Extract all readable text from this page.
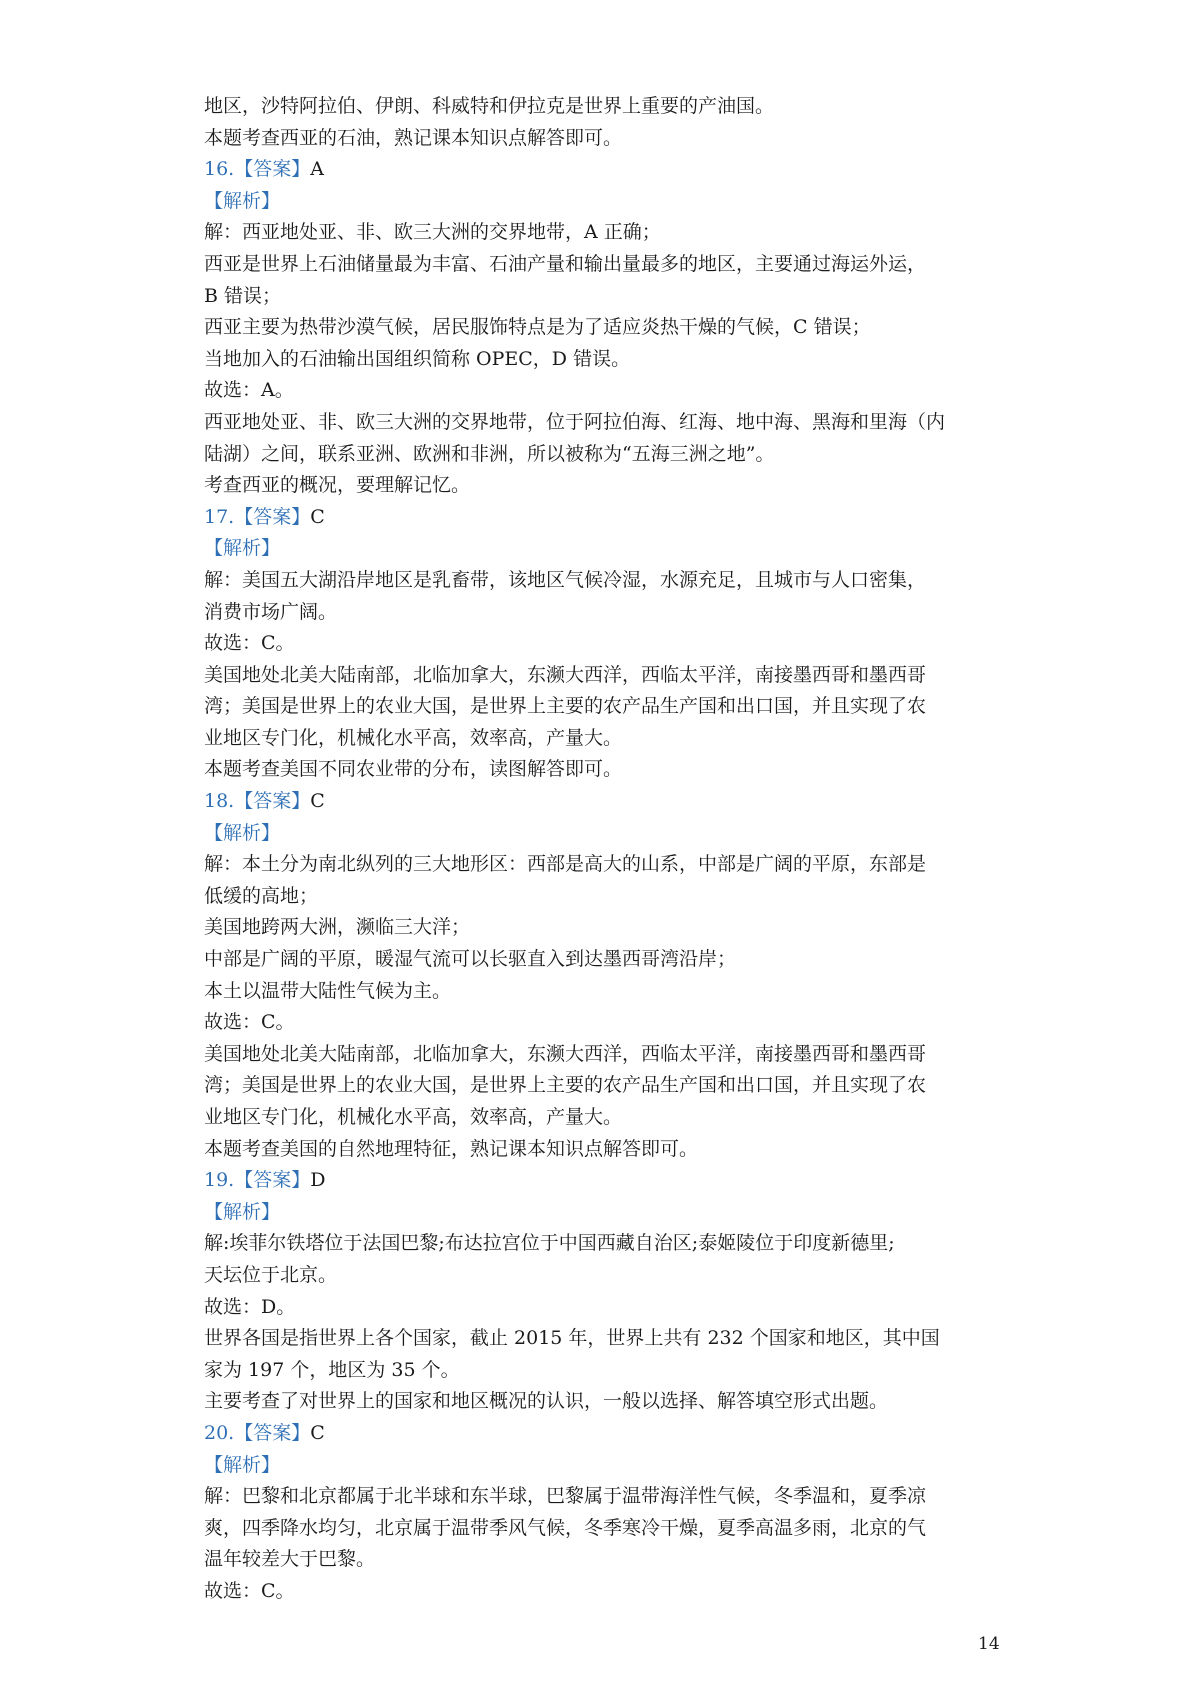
地区，沙特阿拉伯、伊朗、科威特和伊拉克是世界上重要的产油国。
本题考查西亚的石油，熟记课本知识点解答即可。
16.【答案】A
【解析】
解：西亚地处亚、非、欧三大洲的交界地带，A 正确；
西亚是世界上石油储量最为丰富、石油产量和输出量最多的地区，主要通过海运外运，
B 错误；
西亚主要为热带沙漠气候，居民服饰特点是为了适应炎热干燥的气候，C 错误；
当地加入的石油输出国组织简称 OPEC，D 错误。
故选：A。
西亚地处亚、非、欧三大洲的交界地带，位于阿拉伯海、红海、地中海、黑海和里海（内
陆湖）之间，联系亚洲、欧洲和非洲，所以被称为“五海三洲之地”。
考查西亚的概况，要理解记忆。
17.【答案】C
【解析】
解：美国五大湖沿岸地区是乳畜带，该地区气候冷湿，水源充足，且城市与人口密集，
消费市场广阔。
故选：C。
美国地处北美大陆南部，北临加拿大，东濒大西洋，西临太平洋，南接墨西哥和墨西哥
湾；美国是世界上的农业大国，是世界上主要的农产品生产国和出口国，并且实现了农
业地区专门化，机械化水平高，效率高，产量大。
本题考查美国不同农业带的分布，读图解答即可。
18.【答案】C
【解析】
解：本土分为南北纵列的三大地形区：西部是高大的山系，中部是广阔的平原，东部是
低缓的高地；
美国地跨两大洲，濒临三大洋；
中部是广阔的平原，暖湿气流可以长驱直入到达墨西哥湾沿岸；
本土以温带大陆性气候为主。
故选：C。
美国地处北美大陆南部，北临加拿大，东濒大西洋，西临太平洋，南接墨西哥和墨西哥
湾；美国是世界上的农业大国，是世界上主要的农产品生产国和出口国，并且实现了农
业地区专门化，机械化水平高，效率高，产量大。
本题考查美国的自然地理特征，熟记课本知识点解答即可。
19.【答案】D
【解析】
解:埃菲尔铁塔位于法国巴黎;布达拉宫位于中国西藏自治区;泰姬陵位于印度新德里;
天坛位于北京。
故选：D。
世界各国是指世界上各个国家，截止 2015 年，世界上共有 232 个国家和地区，其中国
家为 197 个，地区为 35 个。
主要考查了对世界上的国家和地区概况的认识，一般以选择、解答填空形式出题。
20.【答案】C
【解析】
解：巴黎和北京都属于北半球和东半球，巴黎属于温带海洋性气候，冬季温和，夏季凉
爽，四季降水均匀，北京属于温带季风气候，冬季寒冷干燥，夏季高温多雨，北京的气
温年较差大于巴黎。
故选：C。
14
